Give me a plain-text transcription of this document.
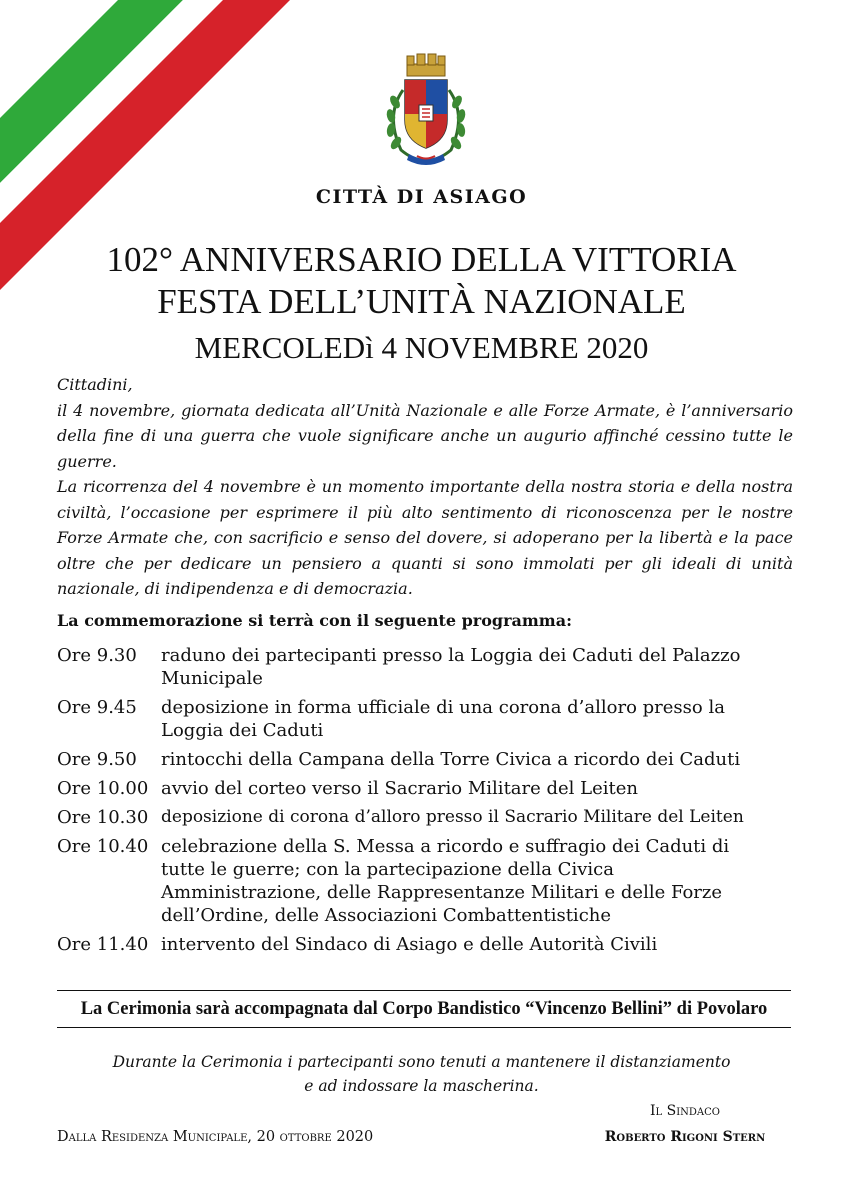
CITTÀ DI ASIAGO
102° ANNIVERSARIO DELLA VITTORIA
FESTA DELL’UNITÀ NAZIONALE
MERCOLEDì 4 NOVEMBRE 2020

Cittadini,

il 4 novembre, giornata dedicata all’Unità Nazionale e alle Forze Armate, è l’anniversario della fine di una guerra che vuole significare anche un augurio affinché cessino tutte le guerre.

La ricorrenza del 4 novembre è un momento importante della nostra storia e della nostra civiltà, l’occasione per esprimere il più alto sentimento di riconoscenza per le nostre Forze Armate che, con sacrificio e senso del dovere, si adoperano per la libertà e la pace oltre che per dedicare un pensiero a quanti si sono immolati per gli ideali di unità nazionale, di indipendenza e di democrazia.

La commemorazione si terrà con il seguente programma:
Ore 9.30	raduno dei partecipanti presso la Loggia dei Caduti del Palazzo Municipale
Ore 9.45	deposizione in forma ufficiale di una corona d’alloro presso la Loggia dei Caduti
Ore 9.50	rintocchi della Campana della Torre Civica a ricordo dei Caduti
Ore 10.00 avvio del corteo verso il Sacrario Militare del Leiten
Ore 10.30 deposizione di corona d’alloro presso il Sacrario Militare del Leiten
Ore 10.40 celebrazione della S. Messa a ricordo e suffragio dei Caduti di tutte le guerre; con la partecipazione della Civica Amministrazione, delle Rappresentanze Militari e delle Forze dell’Ordine, delle Associazioni Combattentistiche
Ore 11.40 intervento del Sindaco di Asiago e delle Autorità Civili
La Cerimonia sarà accompagnata dal Corpo Bandistico “Vincenzo Bellini” di Povolaro
Durante la Cerimonia i partecipanti sono tenuti a mantenere il distanziamento
e ad indossare la mascherina.
Dalla Residenza Municipale, 20 ottobre 2020
Il Sindaco
Roberto Rigoni Stern
